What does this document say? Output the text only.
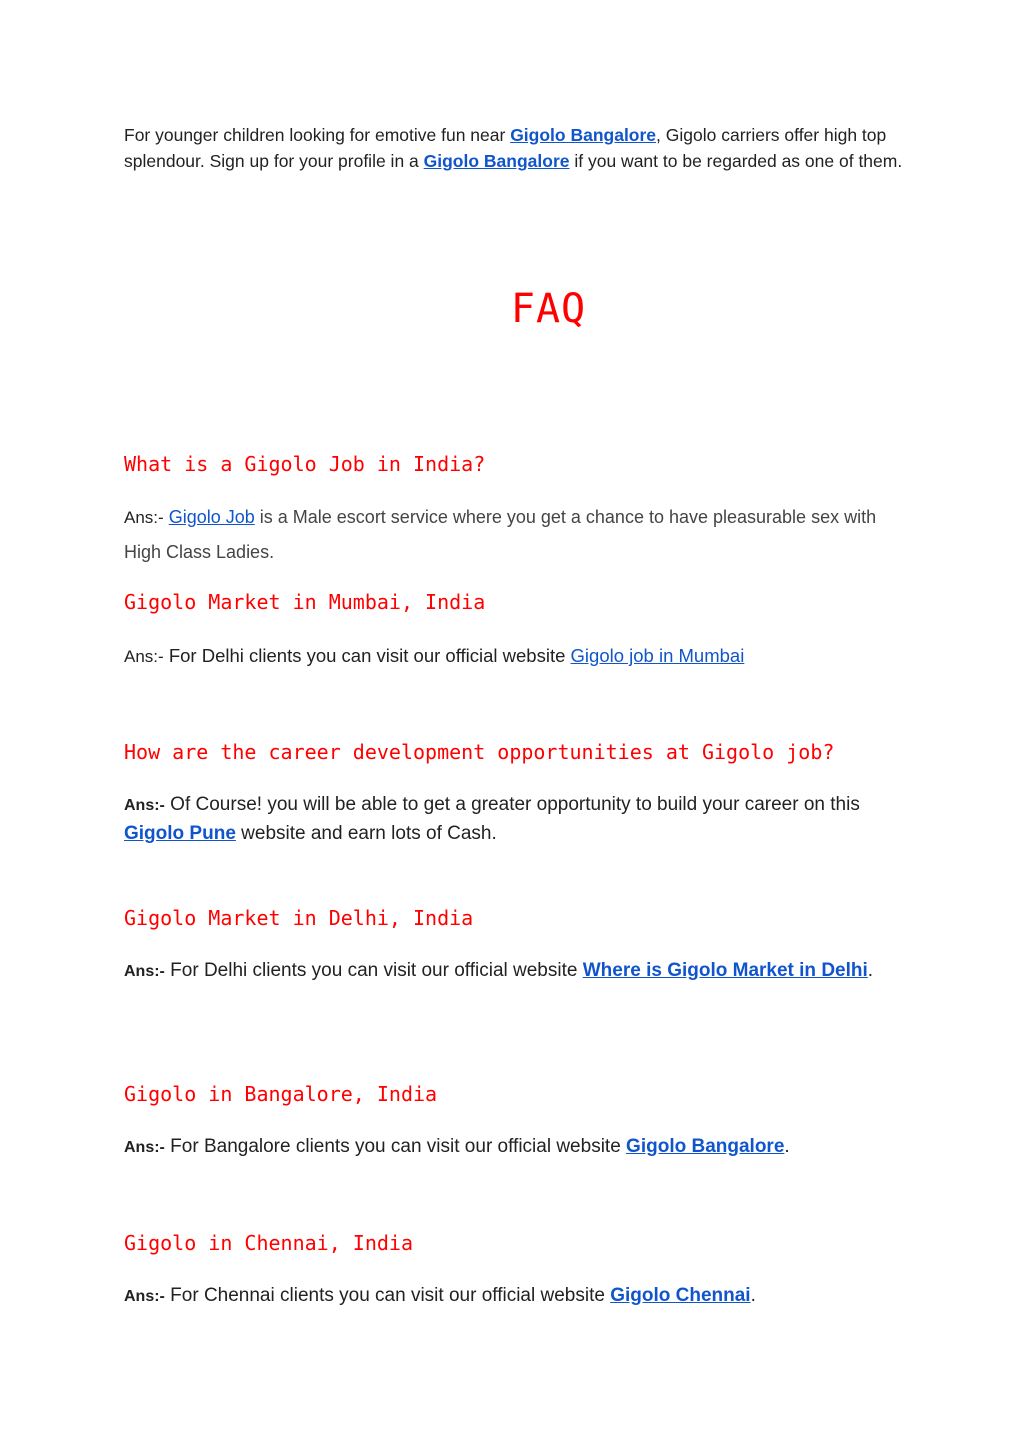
For younger children looking for emotive fun near Gigolo Bangalore, Gigolo carriers offer high top splendour. Sign up for your profile in a Gigolo Bangalore if you want to be regarded as one of them.

FAQ
What is a Gigolo Job in India?

Ans:- Gigolo Job is a Male escort service where you get a chance to have pleasurable sex with High Class Ladies.

Gigolo Market in Mumbai, India

Ans:- For Delhi clients you can visit our official website Gigolo job in Mumbai

How are the career development opportunities at Gigolo job?

Ans:- Of Course! you will be able to get a greater opportunity to build your career on this Gigolo Pune website and earn lots of Cash.

Gigolo Market in Delhi, India

Ans:- For Delhi clients you can visit our official website Where is Gigolo Market in Delhi.

Gigolo in Bangalore, India

Ans:- For Bangalore clients you can visit our official website Gigolo Bangalore.

Gigolo in Chennai, India

Ans:- For Chennai clients you can visit our official website Gigolo Chennai.
